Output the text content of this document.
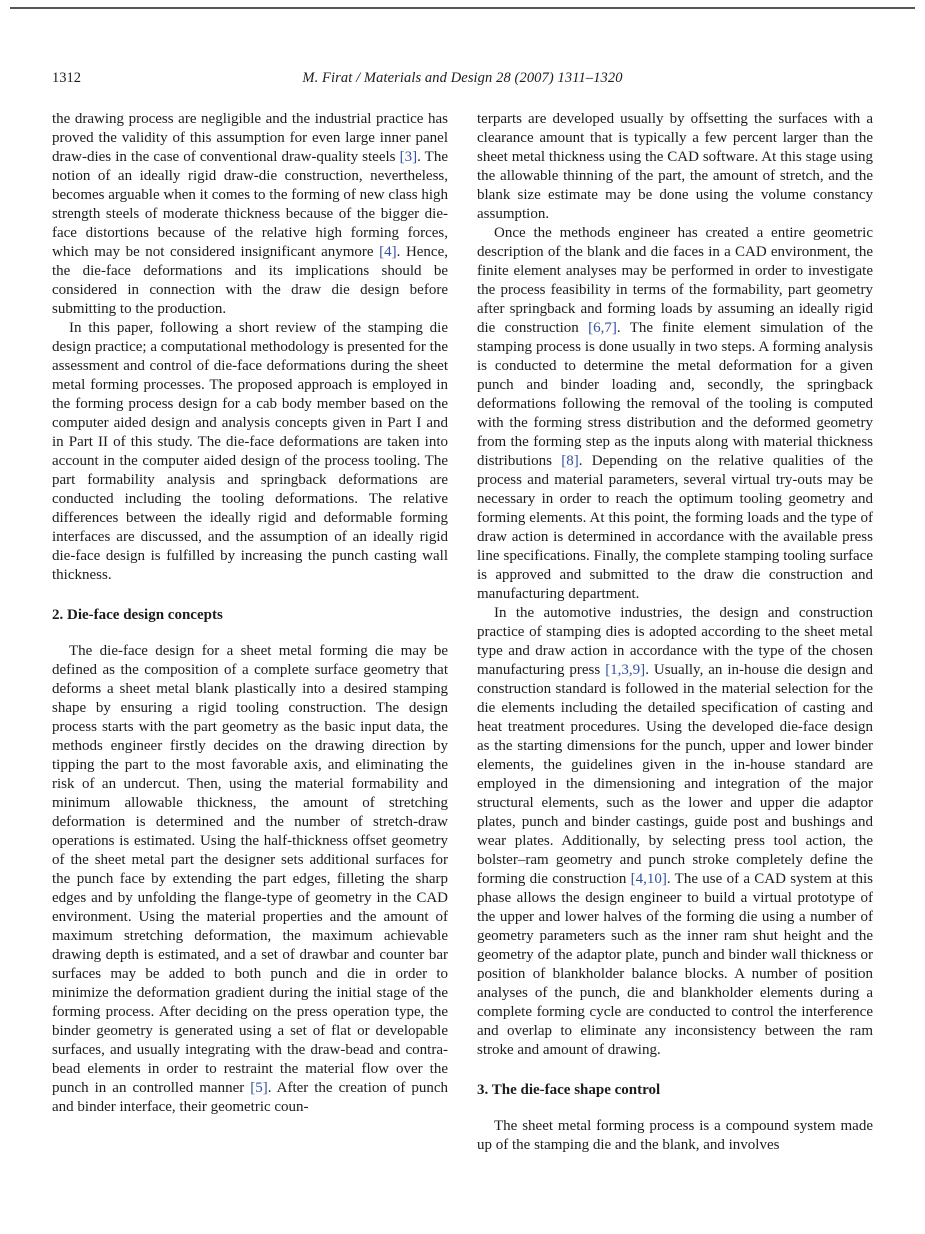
1312	M. Firat / Materials and Design 28 (2007) 1311–1320

the drawing process are negligible and the industrial practice has proved the validity of this assumption for even large inner panel draw-dies in the case of conventional draw-quality steels [3]. The notion of an ideally rigid draw-die construction, nevertheless, becomes arguable when it comes to the forming of new class high strength steels of moderate thickness because of the bigger die-face distortions because of the relative high forming forces, which may be not considered insignificant anymore [4]. Hence, the die-face deformations and its implications should be considered in connection with the draw die design before submitting to the production.

In this paper, following a short review of the stamping die design practice; a computational methodology is presented for the assessment and control of die-face deformations during the sheet metal forming processes. The proposed approach is employed in the forming process design for a cab body member based on the computer aided design and analysis concepts given in Part I and in Part II of this study. The die-face deformations are taken into account in the computer aided design of the process tooling. The part formability analysis and springback deformations are conducted including the tooling deformations. The relative differences between the ideally rigid and deformable forming interfaces are discussed, and the assumption of an ideally rigid die-face design is fulfilled by increasing the punch casting wall thickness.

2. Die-face design concepts

The die-face design for a sheet metal forming die may be defined as the composition of a complete surface geometry that deforms a sheet metal blank plastically into a desired stamping shape by ensuring a rigid tooling construction. The design process starts with the part geometry as the basic input data, the methods engineer firstly decides on the drawing direction by tipping the part to the most favorable axis, and eliminating the risk of an undercut. Then, using the material formability and minimum allowable thickness, the amount of stretching deformation is determined and the number of stretch-draw operations is estimated. Using the half-thickness offset geometry of the sheet metal part the designer sets additional surfaces for the punch face by extending the part edges, filleting the sharp edges and by unfolding the flange-type of geometry in the CAD environment. Using the material properties and the amount of maximum stretching deformation, the maximum achievable drawing depth is estimated, and a set of drawbar and counter bar surfaces may be added to both punch and die in order to minimize the deformation gradient during the initial stage of the forming process. After deciding on the press operation type, the binder geometry is generated using a set of flat or developable surfaces, and usually integrating with the draw-bead and contra-bead elements in order to restraint the material flow over the punch in an controlled manner [5]. After the creation of punch and binder interface, their geometric coun-

terparts are developed usually by offsetting the surfaces with a clearance amount that is typically a few percent larger than the sheet metal thickness using the CAD software. At this stage using the allowable thinning of the part, the amount of stretch, and the blank size estimate may be done using the volume constancy assumption.

Once the methods engineer has created a entire geometric description of the blank and die faces in a CAD environment, the finite element analyses may be performed in order to investigate the process feasibility in terms of the formability, part geometry after springback and forming loads by assuming an ideally rigid die construction [6,7]. The finite element simulation of the stamping process is done usually in two steps. A forming analysis is conducted to determine the metal deformation for a given punch and binder loading and, secondly, the springback deformations following the removal of the tooling is computed with the forming stress distribution and the deformed geometry from the forming step as the inputs along with material thickness distributions [8]. Depending on the relative qualities of the process and material parameters, several virtual try-outs may be necessary in order to reach the optimum tooling geometry and forming elements. At this point, the forming loads and the type of draw action is determined in accordance with the available press line specifications. Finally, the complete stamping tooling surface is approved and submitted to the draw die construction and manufacturing department.

In the automotive industries, the design and construction practice of stamping dies is adopted according to the sheet metal type and draw action in accordance with the type of the chosen manufacturing press [1,3,9]. Usually, an in-house die design and construction standard is followed in the material selection for the die elements including the detailed specification of casting and heat treatment procedures. Using the developed die-face design as the starting dimensions for the punch, upper and lower binder elements, the guidelines given in the in-house standard are employed in the dimensioning and integration of the major structural elements, such as the lower and upper die adaptor plates, punch and binder castings, guide post and bushings and wear plates. Additionally, by selecting press tool action, the bolster–ram geometry and punch stroke completely define the forming die construction [4,10]. The use of a CAD system at this phase allows the design engineer to build a virtual prototype of the upper and lower halves of the forming die using a number of geometry parameters such as the inner ram shut height and the geometry of the adaptor plate, punch and binder wall thickness or position of blankholder balance blocks. A number of position analyses of the punch, die and blankholder elements during a complete forming cycle are conducted to control the interference and overlap to eliminate any inconsistency between the ram stroke and amount of drawing.

3. The die-face shape control

The sheet metal forming process is a compound system made up of the stamping die and the blank, and involves
